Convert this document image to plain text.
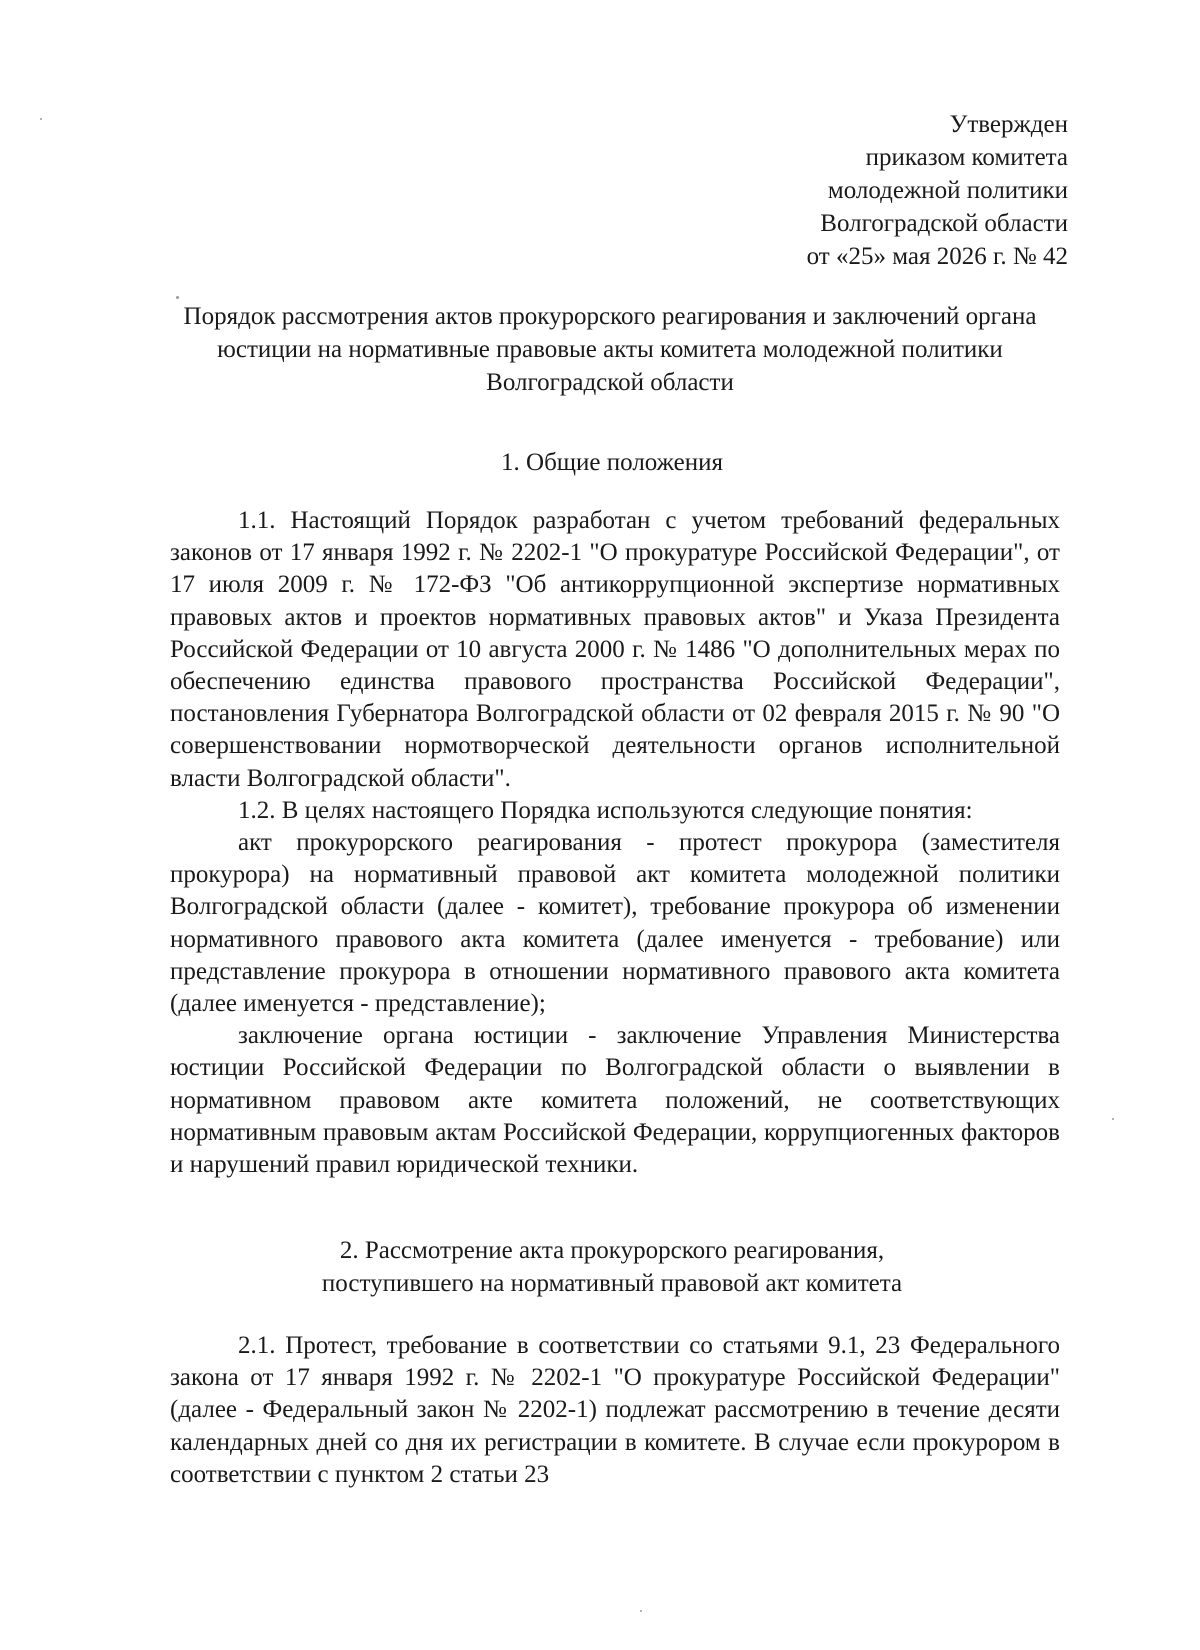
Утвержден
приказом комитета
молодежной политики
Волгоградской области
от «25» мая 2026 г. № 42
Порядок рассмотрения актов прокурорского реагирования и заключений органа юстиции на нормативные правовые акты комитета молодежной политики Волгоградской области
1. Общие положения

1.1. Настоящий Порядок разработан с учетом требований федеральных законов от 17 января 1992 г. № 2202-1 "О прокуратуре Российской Федерации", от 17 июля 2009 г. № 172-ФЗ "Об антикоррупционной экспертизе нормативных правовых актов и проектов нормативных правовых актов" и Указа Президента Российской Федерации от 10 августа 2000 г. № 1486 "О дополнительных мерах по обеспечению единства правового пространства Российской Федерации", постановления Губернатора Волгоградской области от 02 февраля 2015 г. № 90 "О совершенствовании нормотворческой деятельности органов исполнительной власти Волгоградской области".

1.2. В целях настоящего Порядка используются следующие понятия:

акт прокурорского реагирования - протест прокурора (заместителя прокурора) на нормативный правовой акт комитета молодежной политики Волгоградской области (далее - комитет), требование прокурора об изменении нормативного правового акта комитета (далее именуется - требование) или представление прокурора в отношении нормативного правового акта комитета (далее именуется - представление);

заключение органа юстиции - заключение Управления Министерства юстиции Российской Федерации по Волгоградской области о выявлении в нормативном правовом акте комитета положений, не соответствующих нормативным правовым актам Российской Федерации, коррупциогенных факторов и нарушений правил юридической техники.

2. Рассмотрение акта прокурорского реагирования,
поступившего на нормативный правовой акт комитета

2.1. Протест, требование в соответствии со статьями 9.1, 23 Федерального закона от 17 января 1992 г. № 2202-1 "О прокуратуре Российской Федерации" (далее - Федеральный закон № 2202-1) подлежат рассмотрению в течение десяти календарных дней со дня их регистрации в комитете. В случае если прокурором в соответствии с пунктом 2 статьи 23
